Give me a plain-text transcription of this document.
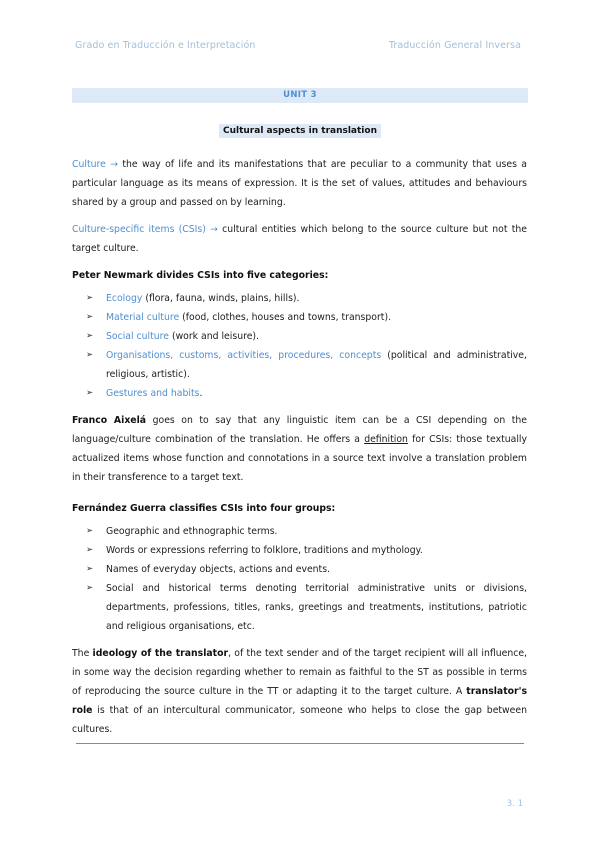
Grado en Traducción e Interpretación	Traducción General Inversa
UNIT 3
Cultural aspects in translation

Culture → the way of life and its manifestations that are peculiar to a community that uses a particular language as its means of expression. It is the set of values, attitudes and behaviours shared by a group and passed on by learning.

Culture-specific items (CSIs) → cultural entities which belong to the source culture but not the target culture.

Peter Newmark divides CSIs into five categories:

➢ Ecology (flora, fauna, winds, plains, hills).
➢ Material culture (food, clothes, houses and towns, transport).
➢ Social culture (work and leisure).
➢ Organisations, customs, activities, procedures, concepts (political and administrative, religious, artistic).
➢ Gestures and habits.

Franco Aixelá goes on to say that any linguistic item can be a CSI depending on the language/culture combination of the translation. He offers a definition for CSIs: those textually actualized items whose function and connotations in a source text involve a translation problem in their transference to a target text.

Fernández Guerra classifies CSIs into four groups:

➢ Geographic and ethnographic terms.
➢ Words or expressions referring to folklore, traditions and mythology.
➢ Names of everyday objects, actions and events.
➢ Social and historical terms denoting territorial administrative units or divisions, departments, professions, titles, ranks, greetings and treatments, institutions, patriotic and religious organisations, etc.

The ideology of the translator, of the text sender and of the target recipient will all influence, in some way the decision regarding whether to remain as faithful to the ST as possible in terms of reproducing the source culture in the TT or adapting it to the target culture. A translator's role is that of an intercultural communicator, someone who helps to close the gap between cultures.

3. 1
